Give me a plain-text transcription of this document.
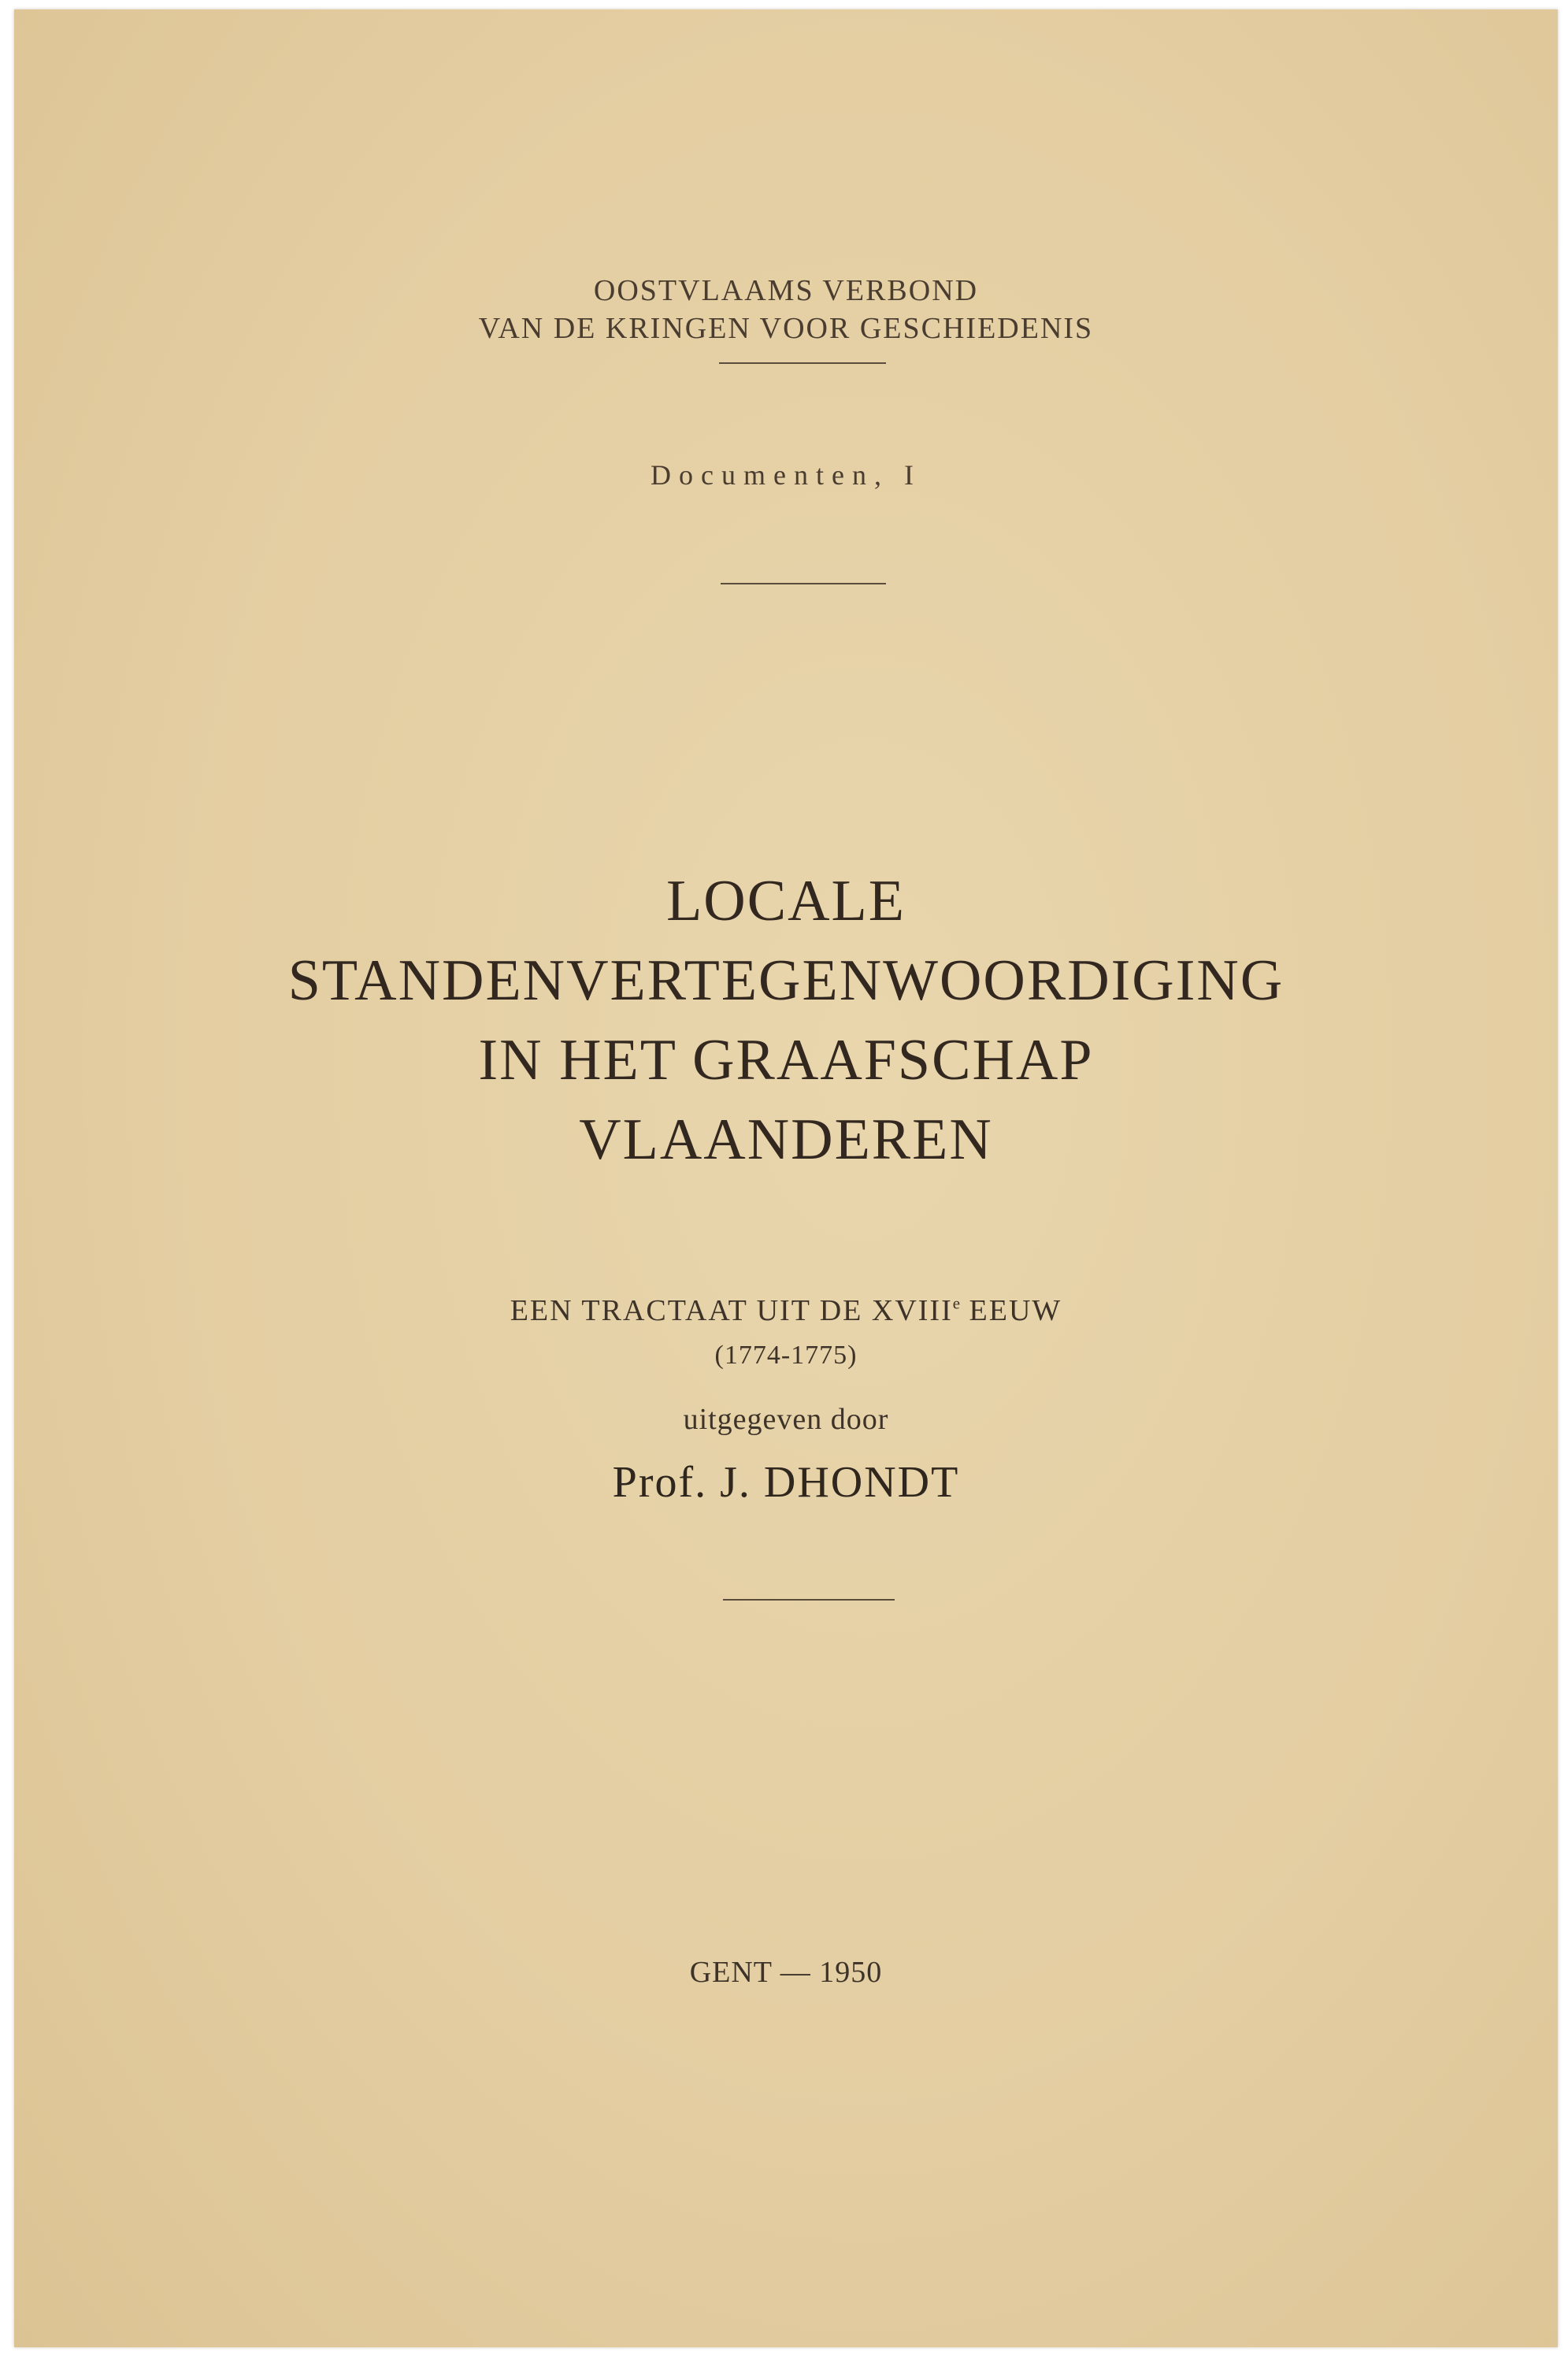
OOSTVLAAMS VERBOND
VAN DE KRINGEN VOOR GESCHIEDENIS
Documenten, I
LOCALE
STANDENVERTEGENWOORDIGING
IN HET GRAAFSCHAP
VLAANDEREN
EEN TRACTAAT UIT DE XVIIIe EEUW
(1774-1775)
uitgegeven door
Prof. J. DHONDT
GENT — 1950
